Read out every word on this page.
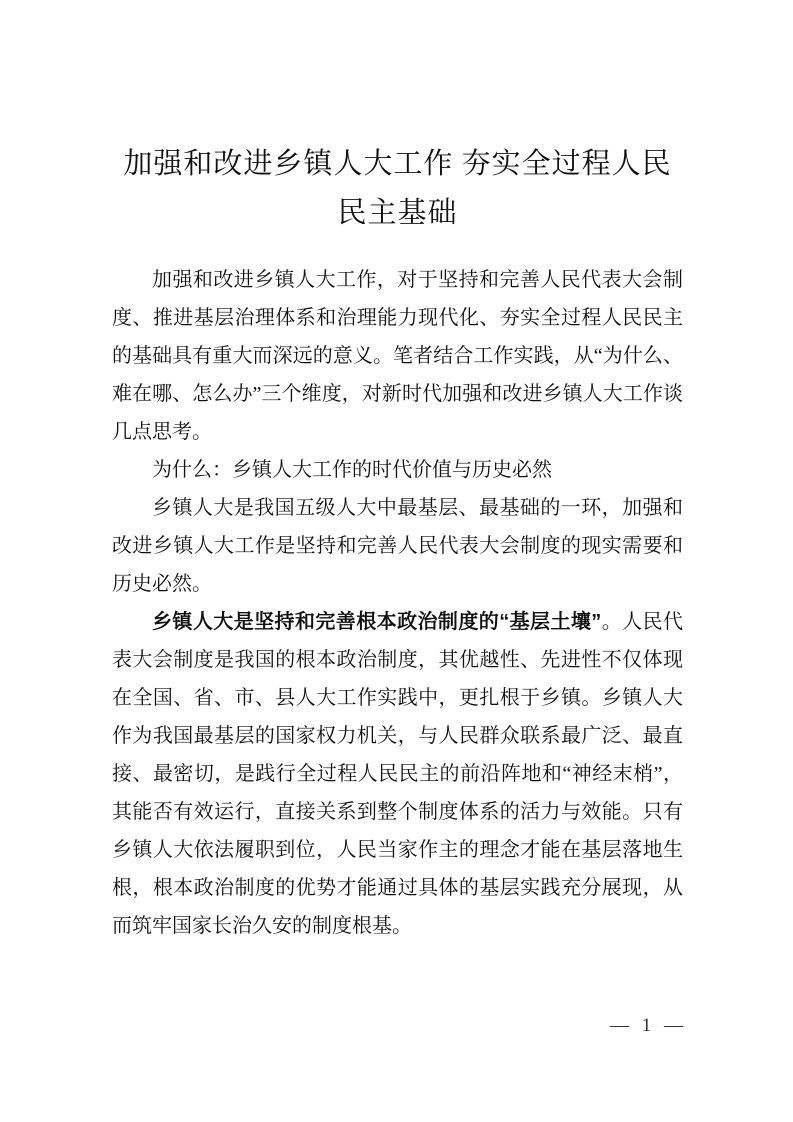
加强和改进乡镇人大工作 夯实全过程人民民主基础

加强和改进乡镇人大工作，对于坚持和完善人民代表大会制度、推进基层治理体系和治理能力现代化、夯实全过程人民民主的基础具有重大而深远的意义。笔者结合工作实践，从“为什么、难在哪、怎么办”三个维度，对新时代加强和改进乡镇人大工作谈几点思考。

为什么：乡镇人大工作的时代价值与历史必然

乡镇人大是我国五级人大中最基层、最基础的一环，加强和改进乡镇人大工作是坚持和完善人民代表大会制度的现实需要和历史必然。

乡镇人大是坚持和完善根本政治制度的“基层土壤”。人民代表大会制度是我国的根本政治制度，其优越性、先进性不仅体现在全国、省、市、县人大工作实践中，更扎根于乡镇。乡镇人大作为我国最基层的国家权力机关，与人民群众联系最广泛、最直接、最密切，是践行全过程人民民主的前沿阵地和“神经末梢”，其能否有效运行，直接关系到整个制度体系的活力与效能。只有乡镇人大依法履职到位，人民当家作主的理念才能在基层落地生根，根本政治制度的优势才能通过具体的基层实践充分展现，从而筑牢国家长治久安的制度根基。

— 1 —
